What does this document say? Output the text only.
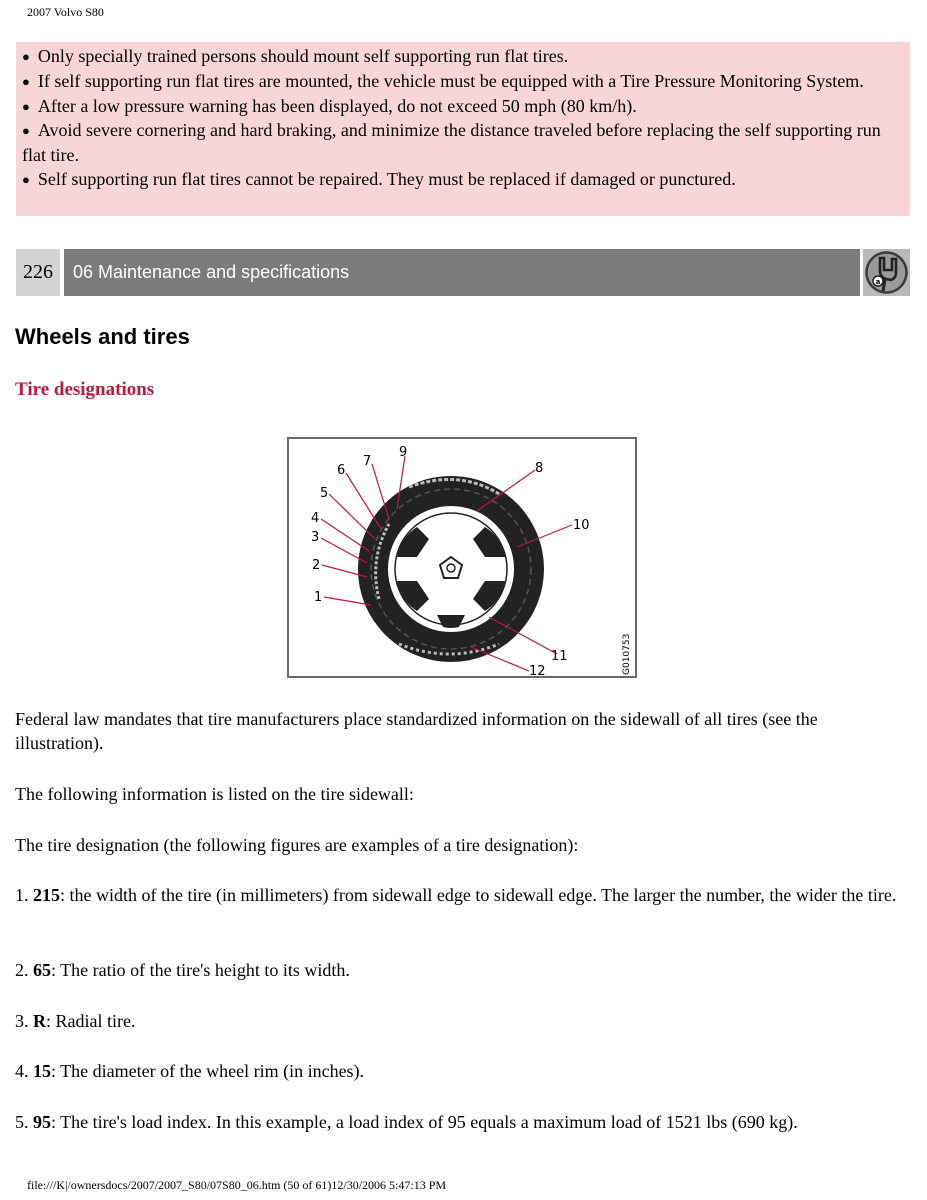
2007 Volvo S80

● Only specially trained persons should mount self supporting run flat tires.

● If self supporting run flat tires are mounted, the vehicle must be equipped with a Tire Pressure Monitoring System.

● After a low pressure warning has been displayed, do not exceed 50 mph (80 km/h).

● Avoid severe cornering and hard braking, and minimize the distance traveled before replacing the self supporting run flat tire.

● Self supporting run flat tires cannot be repaired. They must be replaced if damaged or punctured.

226	06 Maintenance and specifications	a
Wheels and tires
Tire designations
1
2
3
4
5
6
7	8
9
10
11
12	G010753

Federal law mandates that tire manufacturers place standardized information on the sidewall of all tires (see the illustration).

The following information is listed on the tire sidewall:

The tire designation (the following figures are examples of a tire designation):

1. 215: the width of the tire (in millimeters) from sidewall edge to sidewall edge. The larger the number, the wider the tire.

2. 65: The ratio of the tire's height to its width.

3. R: Radial tire.

4. 15: The diameter of the wheel rim (in inches).

5. 95: The tire's load index. In this example, a load index of 95 equals a maximum load of 1521 lbs (690 kg).

file:///K|/ownersdocs/2007/2007_S80/07S80_06.htm (50 of 61)12/30/2006 5:47:13 PM
